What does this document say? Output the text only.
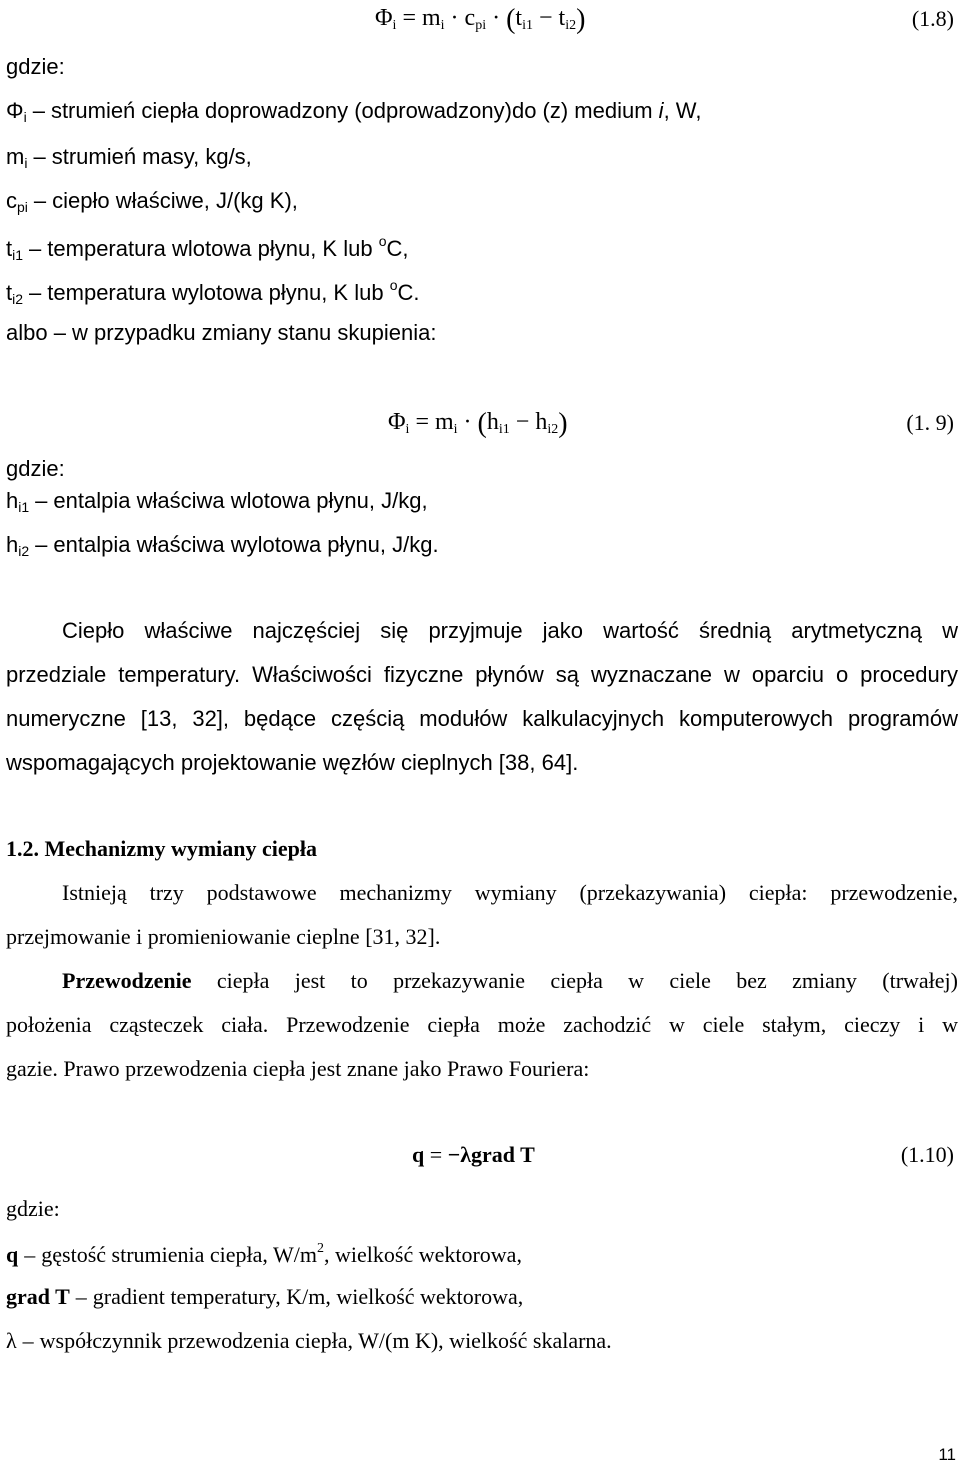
$\Phi_i = m_i \cdot c_{pi} \cdot (t_{i1} - t_{i2})$	(1.8)
gdzie:
$\Phi_i$ – strumień ciepła doprowadzony (odprowadzony)do (z) medium i, W,
$m_i$ – strumień masy, kg/s,
$c_{pi}$ – ciepło właściwe, J/(kg K),
$t_{i1}$ – temperatura wlotowa płynu, K lub $^o$C,
$t_{i2}$ – temperatura wylotowa płynu, K lub $^o$C.
albo – w przypadku zmiany stanu skupienia:
$\Phi_i = m_i \cdot (h_{i1} - h_{i2})$	(1. 9)
gdzie:
$h_{i1}$ – entalpia właściwa wlotowa płynu, J/kg,
$h_{i2}$ – entalpia właściwa wylotowa płynu, J/kg.
Ciepło właściwe najczęściej się przyjmuje jako wartość średnią arytmetyczną w
przedziale temperatury. Właściwości fizyczne płynów są wyznaczane w oparciu o procedury
numeryczne [13, 32], będące częścią modułów kalkulacyjnych komputerowych programów
wspomagających projektowanie węzłów cieplnych [38, 64].
1.2. Mechanizmy wymiany ciepła
Istnieją trzy podstawowe mechanizmy wymiany (przekazywania) ciepła: przewodzenie,
przejmowanie i promieniowanie cieplne [31, 32].
Przewodzenie ciepła jest to przekazywanie ciepła w ciele bez zmiany (trwałej)
położenia cząsteczek ciała. Przewodzenie ciepła może zachodzić w ciele stałym, cieczy i w
gazie. Prawo przewodzenia ciepła jest znane jako Prawo Fouriera:
q = −λgrad T	(1.10)
gdzie:
q – gęstość strumienia ciepła, $W/m^2$, wielkość wektorowa,
grad T – gradient temperatury, K/m, wielkość wektorowa,
λ – współczynnik przewodzenia ciepła, W/(m K), wielkość skalarna.
11
